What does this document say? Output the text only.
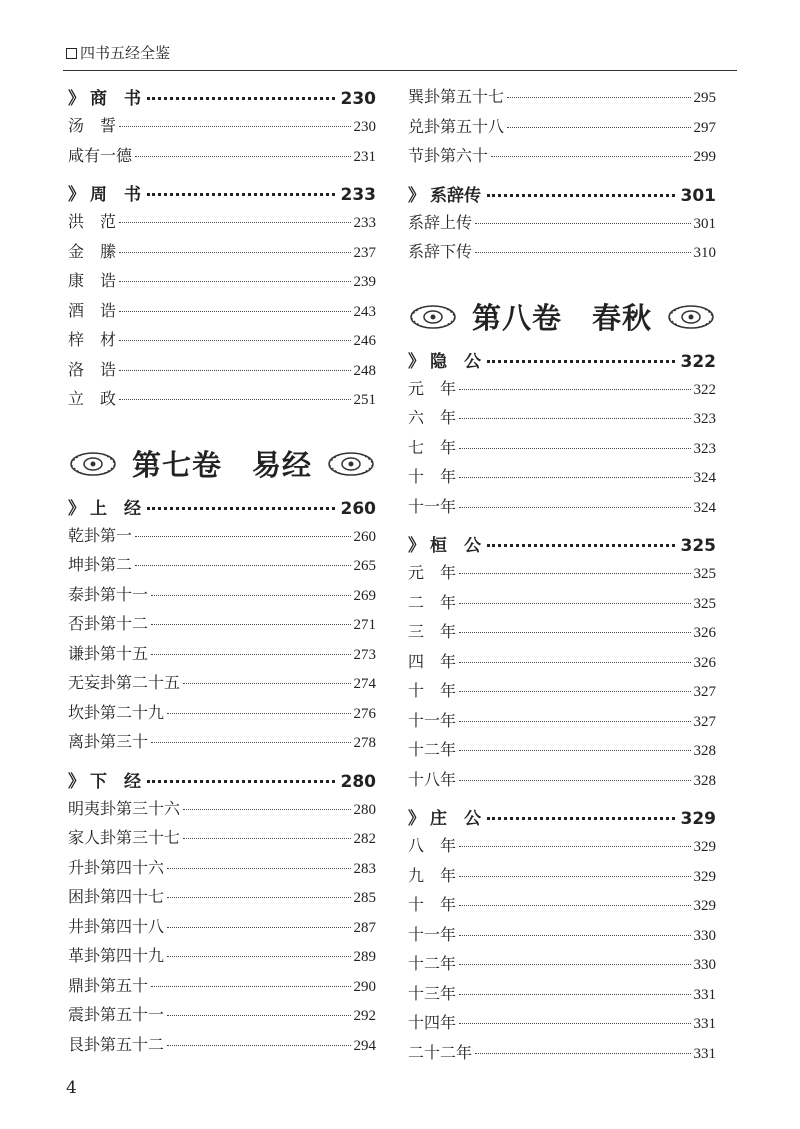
四书五经全鉴
》 商　书	230
汤　誓	230
咸有一德	231
》 周　书	233
洪　范	233
金　縢	237
康　诰	239
酒　诰	243
梓　材	246
洛　诰	248
立　政	251
第七卷　易经
》 上　经	260
乾卦第一	260
坤卦第二	265
泰卦第十一	269
否卦第十二	271
谦卦第十五	273
无妄卦第二十五	274
坎卦第二十九	276
离卦第三十	278
》 下　经	280
明夷卦第三十六	280
家人卦第三十七	282
升卦第四十六	283
困卦第四十七	285
井卦第四十八	287
革卦第四十九	289
鼎卦第五十	290
震卦第五十一	292
艮卦第五十二	294
巽卦第五十七	295
兑卦第五十八	297
节卦第六十	299
》 系辞传	301
系辞上传	301
系辞下传	310
第八卷　春秋
》 隐　公	322
元　年	322
六　年	323
七　年	323
十　年	324
十一年	324
》 桓　公	325
元　年	325
二　年	325
三　年	326
四　年	326
十　年	327
十一年	327
十二年	328
十八年	328
》 庄　公	329
八　年	329
九　年	329
十　年	329
十一年	330
十二年	330
十三年	331
十四年	331
二十二年	331
4
